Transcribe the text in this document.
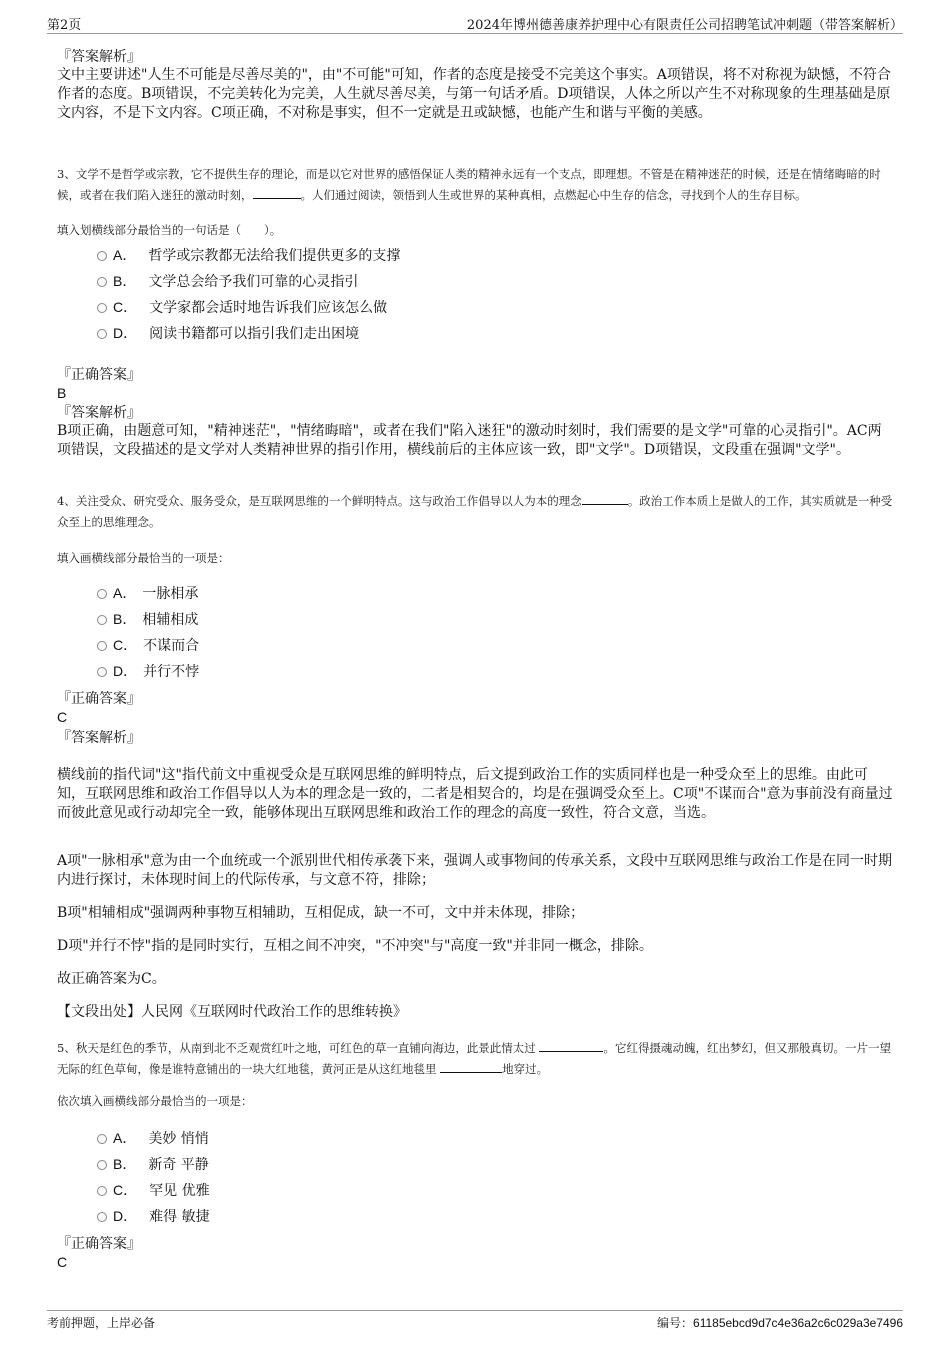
第2页	2024年博州德善康养护理中心有限责任公司招聘笔试冲刺题（带答案解析）
『答案解析』
文中主要讲述"人生不可能是尽善尽美的"，由"不可能"可知，作者的态度是接受不完美这个事实。A项错误，将不对称视为缺憾，不符合作者的态度。B项错误，不完美转化为完美，人生就尽善尽美，与第一句话矛盾。D项错误，人体之所以产生不对称现象的生理基础是原文内容，不是下文内容。C项正确，不对称是事实，但不一定就是丑或缺憾，也能产生和谐与平衡的美感。
3、文学不是哲学或宗教，它不提供生存的理论，而是以它对世界的感悟保证人类的精神永远有一个支点，即理想。不管是在精神迷茫的时候，还是在情绪晦暗的时候，或者在我们陷入迷狂的激动时刻，	。人们通过阅读，领悟到人生或世界的某种真相，点燃起心中生存的信念，寻找到个人的生存目标。
填入划横线部分最恰当的一句话是（　　）。
A． 哲学或宗教都无法给我们提供更多的支撑
B． 文学总会给予我们可靠的心灵指引
C． 文学家都会适时地告诉我们应该怎么做
D． 阅读书籍都可以指引我们走出困境
『正确答案』
B
『答案解析』
B项正确，由题意可知，"精神迷茫"，"情绪晦暗"，或者在我们"陷入迷狂"的激动时刻时，我们需要的是文学"可靠的心灵指引"。AC两项错误，文段描述的是文学对人类精神世界的指引作用，横线前后的主体应该一致，即"文学"。D项错误，文段重在强调"文学"。
4、关注受众、研究受众、服务受众，是互联网思维的一个鲜明特点。这与政治工作倡导以人为本的理念	。政治工作本质上是做人的工作，其实质就是一种受众至上的思维理念。
填入画横线部分最恰当的一项是：
A． 一脉相承
B． 相辅相成
C． 不谋而合
D． 并行不悖
『正确答案』
C
『答案解析』
横线前的指代词"这"指代前文中重视受众是互联网思维的鲜明特点，后文提到政治工作的实质同样也是一种受众至上的思维。由此可知，互联网思维和政治工作倡导以人为本的理念是一致的，二者是相契合的，均是在强调受众至上。C项"不谋而合"意为事前没有商量过而彼此意见或行动却完全一致，能够体现出互联网思维和政治工作的理念的高度一致性，符合文意，当选。
A项"一脉相承"意为由一个血统或一个派别世代相传承袭下来，强调人或事物间的传承关系，文段中互联网思维与政治工作是在同一时期内进行探讨，未体现时间上的代际传承，与文意不符，排除；
B项"相辅相成"强调两种事物互相辅助，互相促成，缺一不可，文中并未体现，排除；
D项"并行不悖"指的是同时实行，互相之间不冲突，"不冲突"与"高度一致"并非同一概念，排除。
故正确答案为C。
【文段出处】人民网《互联网时代政治工作的思维转换》
5、秋天是红色的季节，从南到北不乏观赏红叶之地，可红色的草一直铺向海边，此景此情太过	。它红得摄魂动魄，红出梦幻，但又那般真切。一片一望无际的红色草甸，像是谁特意铺出的一块大红地毯，黄河正是从这红地毯里	地穿过。
依次填入画横线部分最恰当的一项是：
A． 美妙 悄悄
B． 新奇 平静
C． 罕见 优雅
D． 难得 敏捷
『正确答案』
C
考前押题，上岸必备	编号：61185ebcd9d7c4e36a2c6c029a3e7496
